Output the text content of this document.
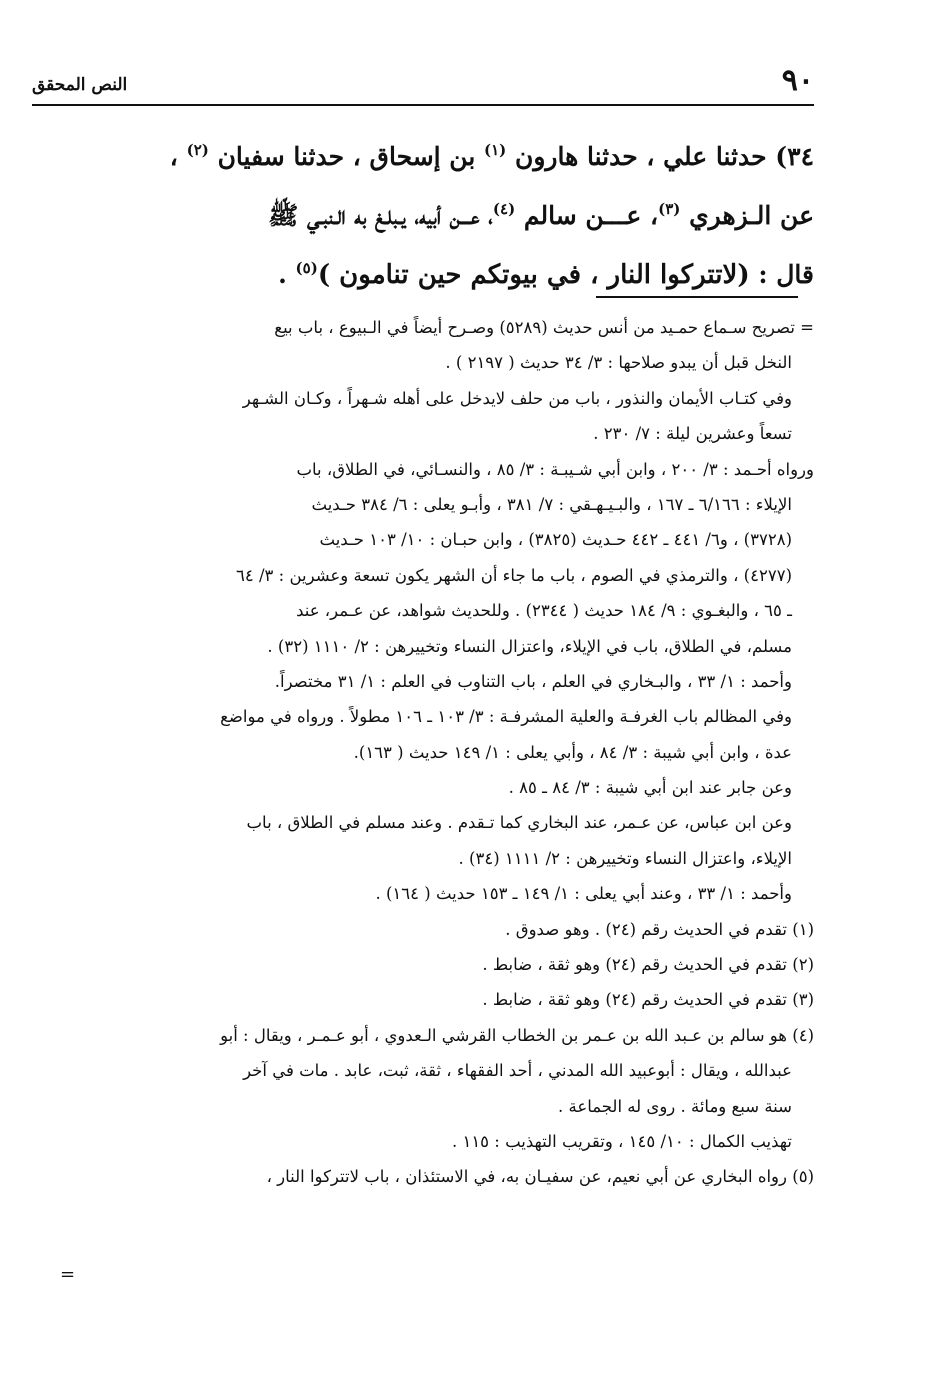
٩٠
النص المحقق

٣٤) حدثنا علي ، حدثنا هارون $^{(١)}$ بن إسحاق ، حدثنا سفيان $^{(٢)}$ ،

عن الـزهري $^{(٣)}$، عـــن سالم $^{(٤)}$، عـــن أبيه، يـبلـغ به الـنبـي ﷺ

قال : (لاتتركوا النار ، في بيوتكم حين تنامون )$^{(٥)}$ .

= تصريح سـماع حمـيد من أنس حديث (٥٢٨٩) وصـرح أيضاً في الـبيوع ، باب بيع

النخل قبل أن يبدو صلاحها : ٣/ ٣٤ حديث ( ٢١٩٧ ) .

وفي كتـاب الأيمان والنذور ، باب من حلف لايدخل على أهله شـهراً ، وكـان الشـهر

تسعاً وعشرين ليلة : ٧/ ٢٣٠ .

ورواه أحـمد : ٣/ ٢٠٠ ، وابن أبي شـيبـة : ٣/ ٨٥ ، والنسـائي، في الطلاق، باب

الإيلاء : ٦/١٦٦ ـ ١٦٧ ، والبـيـهـقي : ٧/ ٣٨١ ، وأبـو يعلى : ٦/ ٣٨٤ حـديث

(٣٧٢٨) ، و٦/ ٤٤١ ـ ٤٤٢ حـديث (٣٨٢٥) ، وابن حبـان : ١٠/ ١٠٣ حـديث

(٤٢٧٧) ، والترمذي في الصوم ، باب ما جاء أن الشهر يكون تسعة وعشرين : ٣/ ٦٤

ـ ٦٥ ، والبغـوي : ٩/ ١٨٤ حديث ( ٢٣٤٤) . وللحديث شواهد، عن عـمر، عند

مسلم، في الطلاق، باب في الإيلاء، واعتزال النساء وتخييرهن : ٢/ ١١١٠ (٣٢) .

وأحمد : ١/ ٣٣ ، والبـخاري في العلم ، باب التناوب في العلم : ١/ ٣١ مختصراً.

وفي المظالم باب الغرفـة والعلية المشرفـة : ٣/ ١٠٣ ـ ١٠٦ مطولاً . ورواه في مواضع

عدة ، وابن أبي شيبة : ٣/ ٨٤ ، وأبي يعلى : ١/ ١٤٩ حديث ( ١٦٣).

وعن جابر عند ابن أبي شيبة : ٣/ ٨٤ ـ ٨٥ .

وعن ابن عباس، عن عـمر، عند البخاري كما تـقدم . وعند مسلم في الطلاق ، باب

الإيلاء، واعتزال النساء وتخييرهن : ٢/ ١١١١ (٣٤) .

وأحمد : ١/ ٣٣ ، وعند أبي يعلى : ١/ ١٤٩ ـ ١٥٣ حديث ( ١٦٤) .

(١) تقدم في الحديث رقم (٢٤) . وهو صدوق .

(٢) تقدم في الحديث رقم (٢٤) وهو ثقة ، ضابط .

(٣) تقدم في الحديث رقم (٢٤) وهو ثقة ، ضابط .

(٤) هو سالم بن عـبد الله بن عـمر بن الخطاب القرشي الـعدوي ، أبو عـمـر ، ويقال : أبو

عبدالله ، ويقال : أبوعبيد الله المدني ، أحد الفقهاء ، ثقة، ثبت، عابد . مات في آخر

سنة سبع ومائة . روى له الجماعة .

تهذيب الكمال : ١٠/ ١٤٥ ، وتقريب التهذيب : ١١٥ .

(٥) رواه البخاري عن أبي نعيم، عن سفيـان به، في الاستئذان ، باب لاتتركوا النار ،

=
